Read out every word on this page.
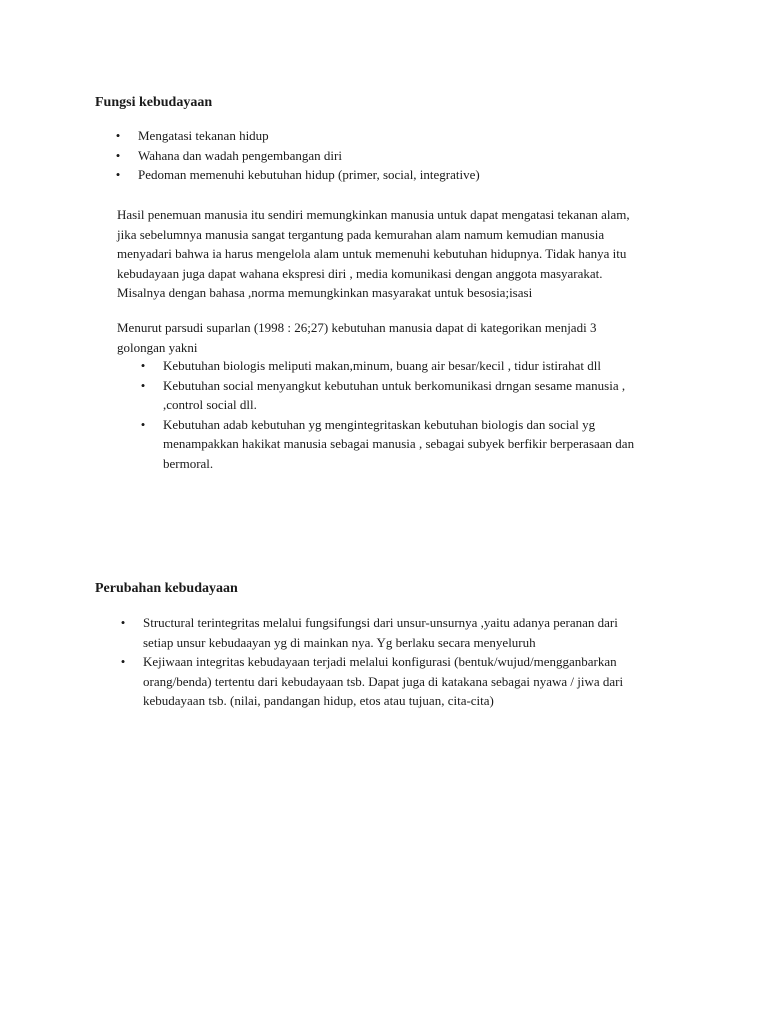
Fungsi kebudayaan
• Mengatasi tekanan hidup
• Wahana dan wadah pengembangan diri
• Pedoman memenuhi kebutuhan hidup (primer, social, integrative)

Hasil penemuan manusia itu sendiri memungkinkan manusia untuk dapat mengatasi tekanan alam,
jika sebelumnya manusia sangat tergantung pada kemurahan alam namum kemudian manusia
menyadari bahwa ia harus mengelola alam untuk memenuhi kebutuhan hidupnya. Tidak hanya itu
kebudayaan juga dapat wahana ekspresi diri , media komunikasi dengan anggota masyarakat.
Misalnya dengan bahasa ,norma memungkinkan masyarakat untuk besosia;isasi

Menurut parsudi suparlan (1998 : 26;27) kebutuhan manusia dapat di kategorikan menjadi 3
golongan yakni

• Kebutuhan biologis meliputi makan,minum, buang air besar/kecil , tidur istirahat dll
• Kebutuhan social menyangkut kebutuhan untuk berkomunikasi drngan sesame manusia ,
,control social dll.
• Kebutuhan adab kebutuhan yg mengintegritaskan kebutuhan biologis dan social yg
menampakkan hakikat manusia sebagai manusia , sebagai subyek berfikir berperasaan dan
bermoral.
Perubahan kebudayaan
• Structural terintegritas melalui fungsifungsi dari unsur-unsurnya ,yaitu adanya peranan dari
setiap unsur kebudaayan yg di mainkan nya. Yg berlaku secara menyeluruh
• Kejiwaan integritas kebudayaan terjadi melalui konfigurasi (bentuk/wujud/mengganbarkan
orang/benda) tertentu dari kebudayaan tsb. Dapat juga di katakana sebagai nyawa / jiwa dari
kebudayaan tsb. (nilai, pandangan hidup, etos atau tujuan, cita-cita)
